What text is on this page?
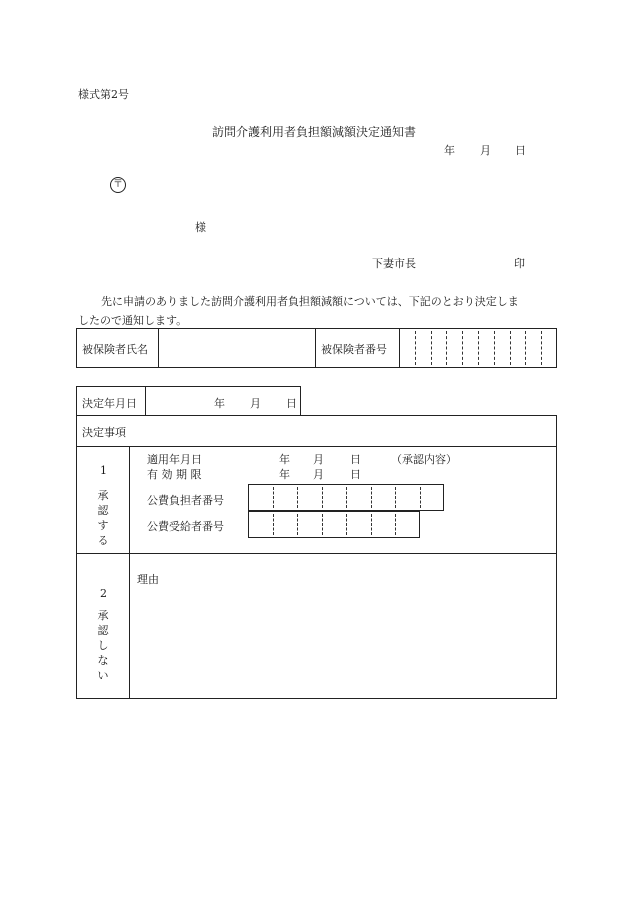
様式第2号
訪問介護利用者負担額減額決定通知書
年 月 日
〒
様
下妻市長	印
先に申請のありました訪問介護利用者負担額減額については、下記のとおり決定しま
したので通知します。
被保険者氏名	被保険者番号
決定年月日	年 月 日
決定事項
1
承認する
適用年月日	年 月 日	（承認内容）
有 効 期 限	年 月 日
公費負担者番号
公費受給者番号
2
承認しない
理由
